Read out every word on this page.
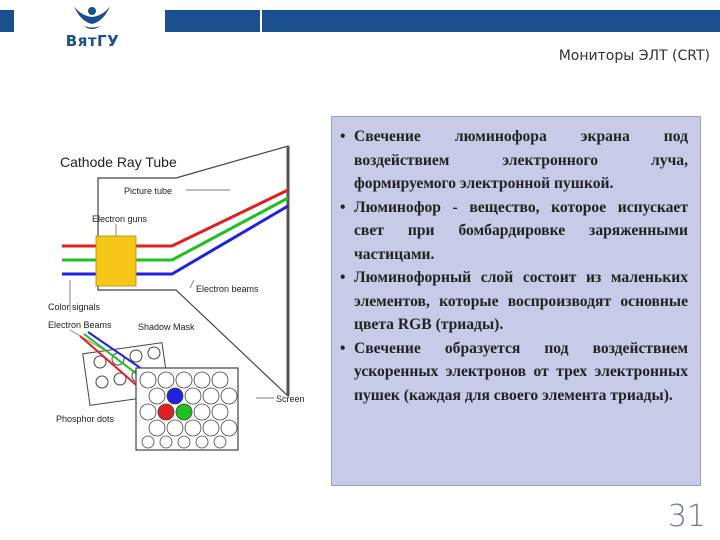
ВятГУ
Мониторы ЭЛТ (CRT)
Cathode Ray Tube
Picture tube
Electron guns
Electron beams
Color signals
Electron Beams	Shadow Mask
Screen
Phosphor dots
• Свечение люминофора экрана под воздействием электронного луча, формируемого электронной пушкой.
• Люминофор - вещество, которое испускает свет при бомбардировке заряженными частицами.
• Люминофорный слой состоит из маленьких элементов, которые воспроизводят основные цвета RGB (триады).
• Свечение образуется под воздействием ускоренных электронов от трех электронных пушек (каждая для своего элемента триады).
31
